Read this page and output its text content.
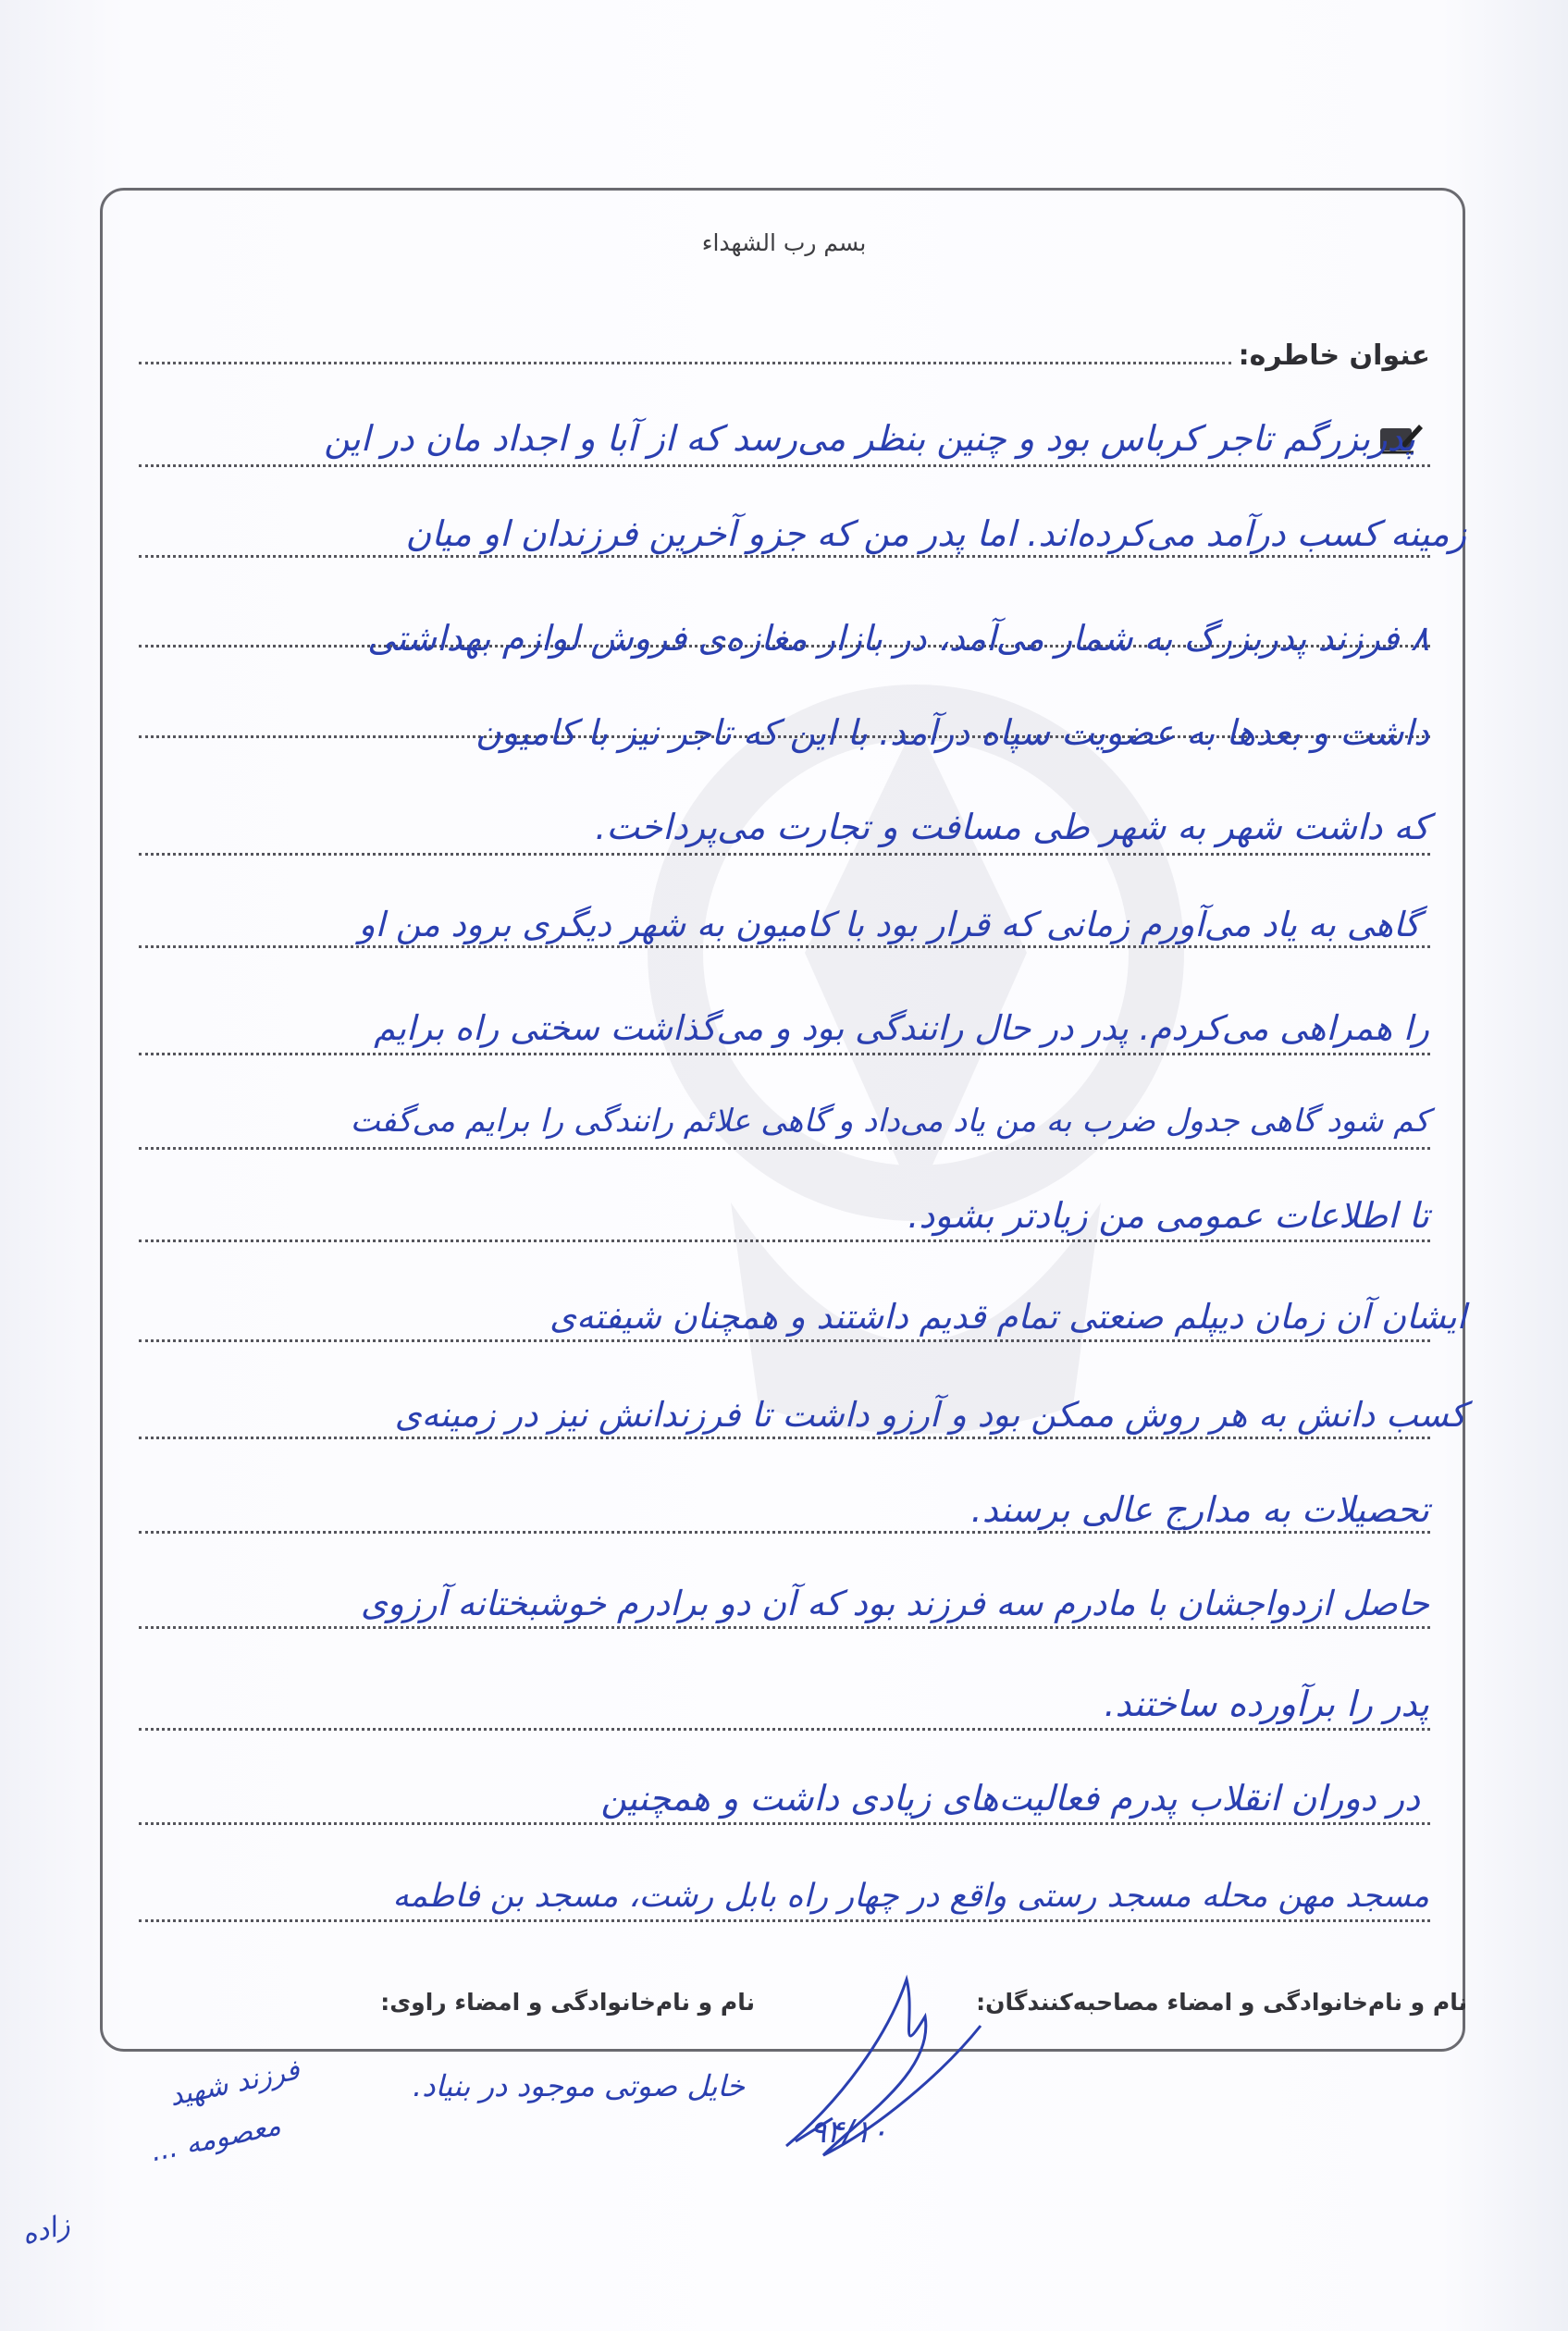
بسم رب الشهداء
عنوان خاطره:
پدربزرگم تاجر کرباس بود و چنین بنظر می‌رسد که از آبا و اجداد مان در این
زمینه کسب درآمد می‌کرده‌اند. اما پدر من که جزو آخرین فرزندان او میان
۸ فرزند پدربزرگ به شمار می‌آمد، در بازار مغازه‌ی فروش لوازم بهداشتی
داشت و بعدها به عضویت سپاه درآمد. با این که تاجر نیز با کامیون
که داشت شهر به شهر طی مسافت و تجارت می‌پرداخت.
گاهی به یاد می‌آورم زمانی که قرار بود با کامیون به شهر دیگری برود من او
را همراهی می‌کردم. پدر در حال رانندگی بود و می‌گذاشت سختی راه برایم
کم شود گاهی جدول ضرب به من یاد می‌داد و گاهی علائم رانندگی را برایم می‌گفت
تا اطلاعات عمومی من زیادتر بشود.
ایشان آن زمان دیپلم صنعتی تمام قدیم داشتند و همچنان شیفته‌ی
کسب دانش به هر روش ممکن بود و آرزو داشت تا فرزندانش نیز در زمینه‌ی
تحصیلات به مدارج عالی برسند.
حاصل ازدواجشان با مادرم سه فرزند بود که آن دو برادرم خوشبختانه آرزوی
پدر را برآورده ساختند.
در دوران انقلاب پدرم فعالیت‌های زیادی داشت و همچنین
مسجد مهن محله مسجد رستی واقع در چهار راه بابل رشت، مسجد بن فاطمه
نام و نام‌خانوادگی و امضاء مصاحبه‌کنندگان:
نام و نام‌خانوادگی و امضاء راوی:
خایل صوتی موجود در بنیاد.
۹۴/۱۰
فرزند شهید
معصومه ...
زاده
